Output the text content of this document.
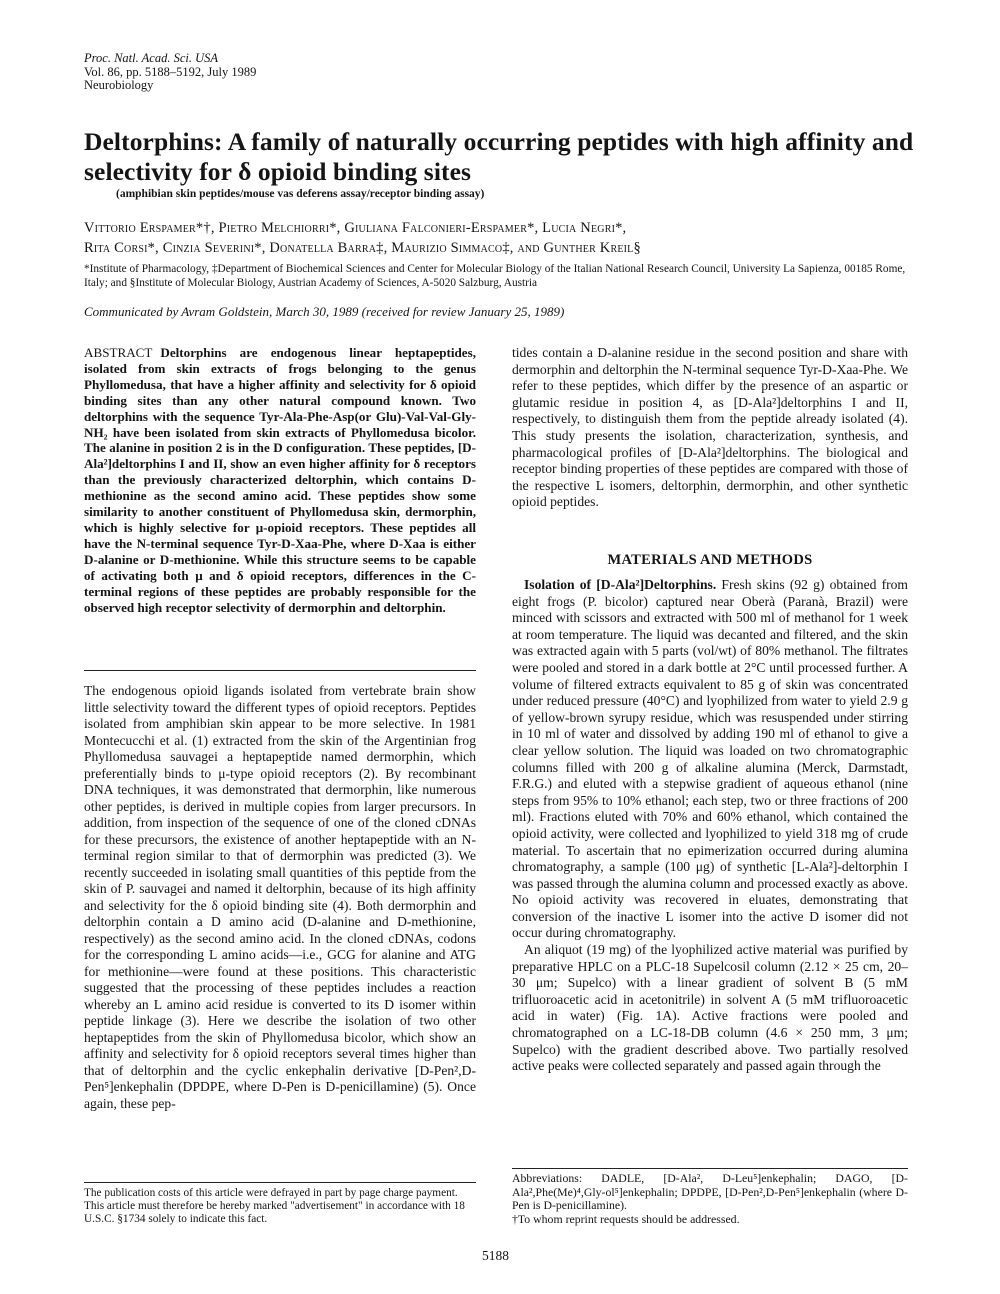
Proc. Natl. Acad. Sci. USA
Vol. 86, pp. 5188–5192, July 1989
Neurobiology
Deltorphins: A family of naturally occurring peptides with high affinity and selectivity for δ opioid binding sites
(amphibian skin peptides/mouse vas deferens assay/receptor binding assay)
Vittorio Erspamer*†, Pietro Melchiorri*, Giuliana Falconieri-Erspamer*, Lucia Negri*,
Rita Corsi*, Cinzia Severini*, Donatella Barra‡, Maurizio Simmaco‡, and Gunther Kreil§
*Institute of Pharmacology, ‡Department of Biochemical Sciences and Center for Molecular Biology of the Italian National Research Council, University La Sapienza, 00185 Rome, Italy; and §Institute of Molecular Biology, Austrian Academy of Sciences, A-5020 Salzburg, Austria
Communicated by Avram Goldstein, March 30, 1989 (received for review January 25, 1989)

ABSTRACT Deltorphins are endogenous linear heptapeptides, isolated from skin extracts of frogs belonging to the genus Phyllomedusa, that have a higher affinity and selectivity for δ opioid binding sites than any other natural compound known. Two deltorphins with the sequence Tyr-Ala-Phe-Asp(or Glu)-Val-Val-Gly-NH₂ have been isolated from skin extracts of Phyllomedusa bicolor. The alanine in position 2 is in the D configuration. These peptides, [D-Ala²]deltorphins I and II, show an even higher affinity for δ receptors than the previously characterized deltorphin, which contains D-methionine as the second amino acid. These peptides show some similarity to another constituent of Phyllomedusa skin, dermorphin, which is highly selective for μ-opioid receptors. These peptides all have the N-terminal sequence Tyr-D-Xaa-Phe, where D-Xaa is either D-alanine or D-methionine. While this structure seems to be capable of activating both μ and δ opioid receptors, differences in the C-terminal regions of these peptides are probably responsible for the observed high receptor selectivity of dermorphin and deltorphin.

The endogenous opioid ligands isolated from vertebrate brain show little selectivity toward the different types of opioid receptors. Peptides isolated from amphibian skin appear to be more selective. In 1981 Montecucchi et al. (1) extracted from the skin of the Argentinian frog Phyllomedusa sauvagei a heptapeptide named dermorphin, which preferentially binds to μ-type opioid receptors (2). By recombinant DNA techniques, it was demonstrated that dermorphin, like numerous other peptides, is derived in multiple copies from larger precursors. In addition, from inspection of the sequence of one of the cloned cDNAs for these precursors, the existence of another heptapeptide with an N-terminal region similar to that of dermorphin was predicted (3). We recently succeeded in isolating small quantities of this peptide from the skin of P. sauvagei and named it deltorphin, because of its high affinity and selectivity for the δ opioid binding site (4). Both dermorphin and deltorphin contain a D amino acid (D-alanine and D-methionine, respectively) as the second amino acid. In the cloned cDNAs, codons for the corresponding L amino acids—i.e., GCG for alanine and ATG for methionine—were found at these positions. This characteristic suggested that the processing of these peptides includes a reaction whereby an L amino acid residue is converted to its D isomer within peptide linkage (3). Here we describe the isolation of two other heptapeptides from the skin of Phyllomedusa bicolor, which show an affinity and selectivity for δ opioid receptors several times higher than that of deltorphin and the cyclic enkephalin derivative [D-Pen²,D-Pen⁵]enkephalin (DPDPE, where D-Pen is D-penicillamine) (5). Once again, these pep-

The publication costs of this article were defrayed in part by page charge payment. This article must therefore be hereby marked "advertisement" in accordance with 18 U.S.C. §1734 solely to indicate this fact.

tides contain a D-alanine residue in the second position and share with dermorphin and deltorphin the N-terminal sequence Tyr-D-Xaa-Phe. We refer to these peptides, which differ by the presence of an aspartic or glutamic residue in position 4, as [D-Ala²]deltorphins I and II, respectively, to distinguish them from the peptide already isolated (4). This study presents the isolation, characterization, synthesis, and pharmacological profiles of [D-Ala²]deltorphins. The biological and receptor binding properties of these peptides are compared with those of the respective L isomers, deltorphin, dermorphin, and other synthetic opioid peptides.

MATERIALS AND METHODS

Isolation of [D-Ala²]Deltorphins. Fresh skins (92 g) obtained from eight frogs (P. bicolor) captured near Oberà (Paranà, Brazil) were minced with scissors and extracted with 500 ml of methanol for 1 week at room temperature. The liquid was decanted and filtered, and the skin was extracted again with 5 parts (vol/wt) of 80% methanol. The filtrates were pooled and stored in a dark bottle at 2°C until processed further. A volume of filtered extracts equivalent to 85 g of skin was concentrated under reduced pressure (40°C) and lyophilized from water to yield 2.9 g of yellow-brown syrupy residue, which was resuspended under stirring in 10 ml of water and dissolved by adding 190 ml of ethanol to give a clear yellow solution. The liquid was loaded on two chromatographic columns filled with 200 g of alkaline alumina (Merck, Darmstadt, F.R.G.) and eluted with a stepwise gradient of aqueous ethanol (nine steps from 95% to 10% ethanol; each step, two or three fractions of 200 ml). Fractions eluted with 70% and 60% ethanol, which contained the opioid activity, were collected and lyophilized to yield 318 mg of crude material. To ascertain that no epimerization occurred during alumina chromatography, a sample (100 μg) of synthetic [L-Ala²]-deltorphin I was passed through the alumina column and processed exactly as above. No opioid activity was recovered in eluates, demonstrating that conversion of the inactive L isomer into the active D isomer did not occur during chromatography.

An aliquot (19 mg) of the lyophilized active material was purified by preparative HPLC on a PLC-18 Supelcosil column (2.12 × 25 cm, 20–30 μm; Supelco) with a linear gradient of solvent B (5 mM trifluoroacetic acid in acetonitrile) in solvent A (5 mM trifluoroacetic acid in water) (Fig. 1A). Active fractions were pooled and chromatographed on a LC-18-DB column (4.6 × 250 mm, 3 μm; Supelco) with the gradient described above. Two partially resolved active peaks were collected separately and passed again through the

Abbreviations: DADLE, [D-Ala², D-Leu⁵]enkephalin; DAGO, [D-Ala²,Phe(Me)⁴,Gly-ol⁵]enkephalin; DPDPE, [D-Pen²,D-Pen⁵]enkephalin (where D-Pen is D-penicillamine).

†To whom reprint requests should be addressed.

5188
